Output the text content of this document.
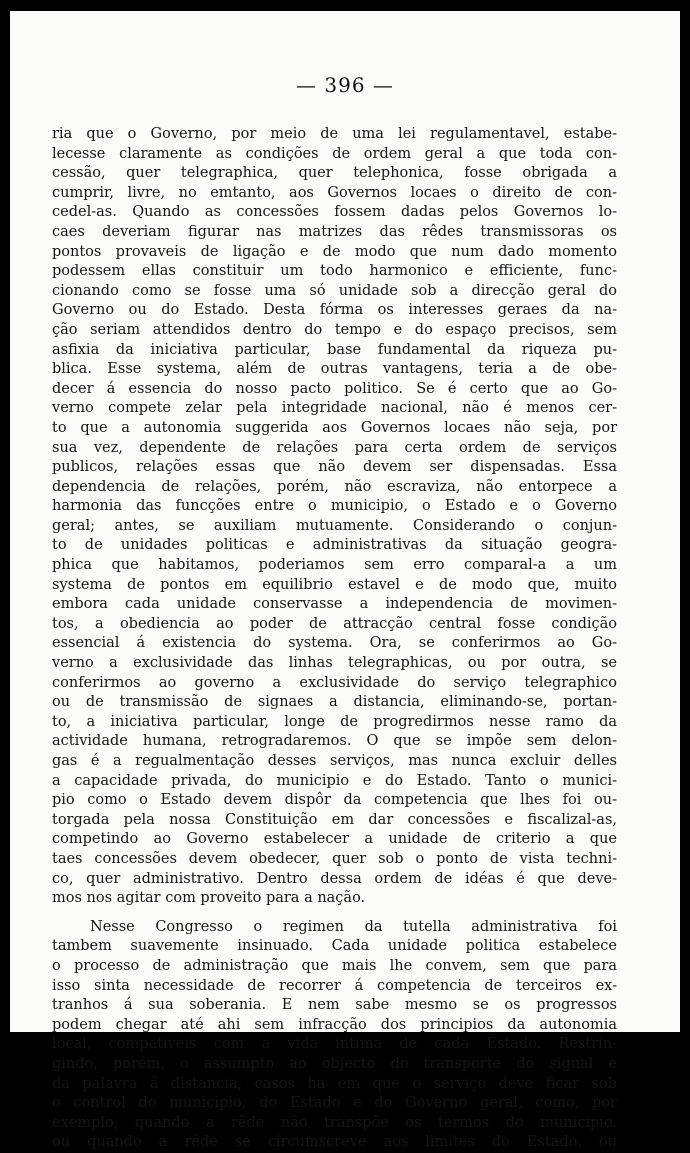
— 396 —
ria que o Governo, por meio de uma lei regulamentavel, estabe-
lecesse claramente as condições de ordem geral a que toda con-
cessão, quer telegraphica, quer telephonica, fosse obrigada a
cumprir, livre, no emtanto, aos Governos locaes o direito de con-
cedel-as. Quando as concessões fossem dadas pelos Governos lo-
caes deveriam figurar nas matrizes das rêdes transmissoras os
pontos provaveis de ligação e de modo que num dado momento
podessem ellas constituir um todo harmonico e efficiente, func-
cionando como se fosse uma só unidade sob a direcção geral do
Governo ou do Estado. Desta fórma os interesses geraes da na-
ção seriam attendidos dentro do tempo e do espaço precisos, sem
asfixia da iniciativa particular, base fundamental da riqueza pu-
blica. Esse systema, além de outras vantagens, teria a de obe-
decer á essencia do nosso pacto politico. Se é certo que ao Go-
verno compete zelar pela integridade nacional, não é menos cer-
to que a autonomia suggerida aos Governos locaes não seja, por
sua vez, dependente de relações para certa ordem de serviços
publicos, relações essas que não devem ser dispensadas. Essa
dependencia de relações, porém, não escraviza, não entorpece a
harmonia das funcções entre o municipio, o Estado e o Governo
geral; antes, se auxiliam mutuamente. Considerando o conjun-
to de unidades politicas e administrativas da situação geogra-
phica que habitamos, poderiamos sem erro comparal-a a um
systema de pontos em equilibrio estavel e de modo que, muito
embora cada unidade conservasse a independencia de movimen-
tos, a obediencia ao poder de attracção central fosse condição
essencial á existencia do systema. Ora, se conferirmos ao Go-
verno a exclusividade das linhas telegraphicas, ou por outra, se
conferirmos ao governo a exclusividade do serviço telegraphico
ou de transmissão de signaes a distancia, eliminando-se, portan-
to, a iniciativa particular, longe de progredirmos nesse ramo da
actividade humana, retrogradaremos. O que se impõe sem delon-
gas é a regualmentação desses serviços, mas nunca excluir delles
a capacidade privada, do municipio e do Estado. Tanto o munici-
pio como o Estado devem dispôr da competencia que lhes foi ou-
torgada pela nossa Constituição em dar concessões e fiscalizal-as,
competindo ao Governo estabelecer a unidade de criterio a que
taes concessões devem obedecer, quer sob o ponto de vista techni-
co, quer administrativo. Dentro dessa ordem de idéas é que deve-
mos nos agitar com proveito para a nação.
Nesse Congresso o regimen da tutella administrativa foi
tambem suavemente insinuado. Cada unidade politica estabelece
o processo de administração que mais lhe convem, sem que para
isso sinta necessidade de recorrer á competencia de terceiros ex-
tranhos á sua soberania. E nem sabe mesmo se os progressos
podem chegar até ahi sem infracção dos principios da autonomia
local, compativeis com a vida intima de cada Estado. Restrin-
gindo, porém, o assumpto ao objecto do transporte do signal e
da palavra á distancia, casos ha em que o serviço deve ficar sob
o control do municipio, do Estado e do Governo geral, como, por
exemplo, quando a rêde não transpõe os termos do municipio.
ou quando a rêde se circumscreve aos limites do Estado, ou
